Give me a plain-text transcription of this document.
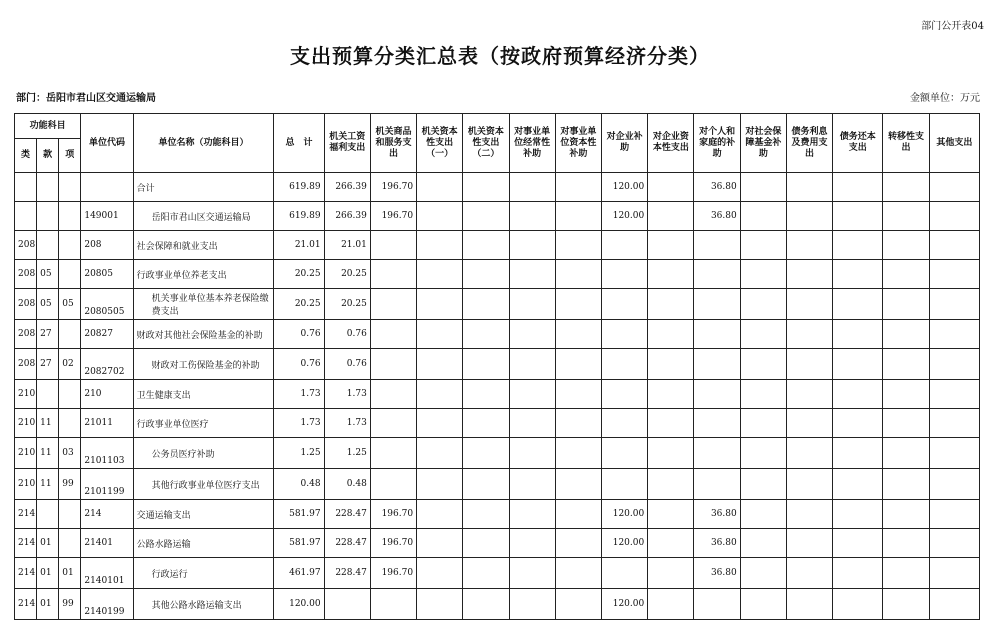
部门公开表04
支出预算分类汇总表（按政府预算经济分类）
部门：岳阳市君山区交通运输局	金额单位：万元
功能科目			单位代码	单位名称（功能科目）	总　计	机关工资福利支出	机关商品和服务支出	机关资本性支出（一）	机关资本性支出（二）	对事业单位经常性补助	对事业单位资本性补助	对企业补助	对企业资本性支出	对个人和家庭的补助	对社会保障基金补助	债务利息及费用支出	债务还本支出	转移性支出	其他支出
类	款	项																	
				合计	619.89	266.39	196.70					120.00		36.80					
			149001	岳阳市君山区交通运输局	619.89	266.39	196.70					120.00		36.80					
208			208	社会保障和就业支出	21.01	21.01													
208	05		20805	行政事业单位养老支出	20.25	20.25													
208	05	05	2080505	机关事业单位基本养老保险缴费支出	20.25	20.25													
208	27		20827	财政对其他社会保险基金的补助	0.76	0.76													
208	27	02	2082702	财政对工伤保险基金的补助	0.76	0.76													
210			210	卫生健康支出	1.73	1.73													
210	11		21011	行政事业单位医疗	1.73	1.73													
210	11	03	2101103	公务员医疗补助	1.25	1.25													
210	11	99	2101199	其他行政事业单位医疗支出	0.48	0.48													
214			214	交通运输支出	581.97	228.47	196.70					120.00		36.80					
214	01		21401	公路水路运输	581.97	228.47	196.70					120.00		36.80					
214	01	01	2140101	行政运行	461.97	228.47	196.70							36.80					
214	01	99	2140199	其他公路水路运输支出	120.00							120.00							
